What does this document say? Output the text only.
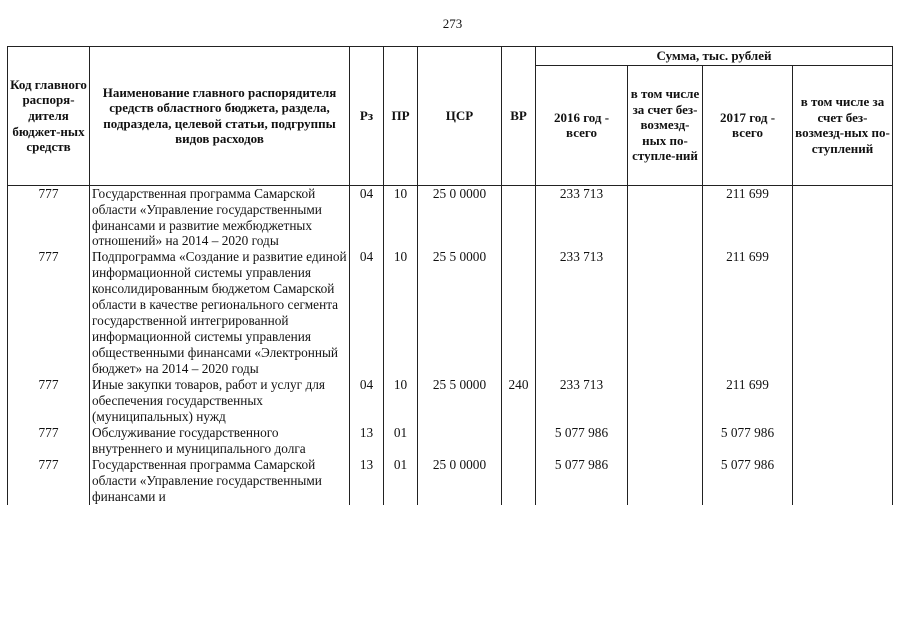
273
Код главного распоря-дителя бюджет-ных средств	Наименование главного распорядителя средств областного бюджета, раздела, подраздела, целевой статьи, подгруппы видов расходов	Рз	ПР	ЦСР	ВР	Сумма, тыс. рублей			
						2016 год - всего	в том числе за счет без-возмезд-ных по-ступле-ний	2017 год - всего	в том числе за счет без-возмезд-ных по-ступлений
777	Государственная программа Самарской области «Управление государственными финансами и развитие межбюджетных отношений» на 2014 – 2020 годы	04	10	25 0 0000		233 713		211 699	
777	Подпрограмма «Создание и развитие единой информационной системы управления консолидированным бюджетом Самарской области в качестве регионального сегмента государственной интегрированной информационной системы управления общественными финансами «Электронный бюджет» на 2014 – 2020 годы	04	10	25 5 0000		233 713		211 699	
777	Иные закупки товаров, работ и услуг для обеспечения государственных (муниципальных) нужд	04	10	25 5 0000	240	233 713		211 699	
777	Обслуживание государственного внутреннего и муниципального долга	13	01			5 077 986		5 077 986	
777	Государственная программа Самарской области «Управление государственными финансами и	13	01	25 0 0000		5 077 986		5 077 986	
